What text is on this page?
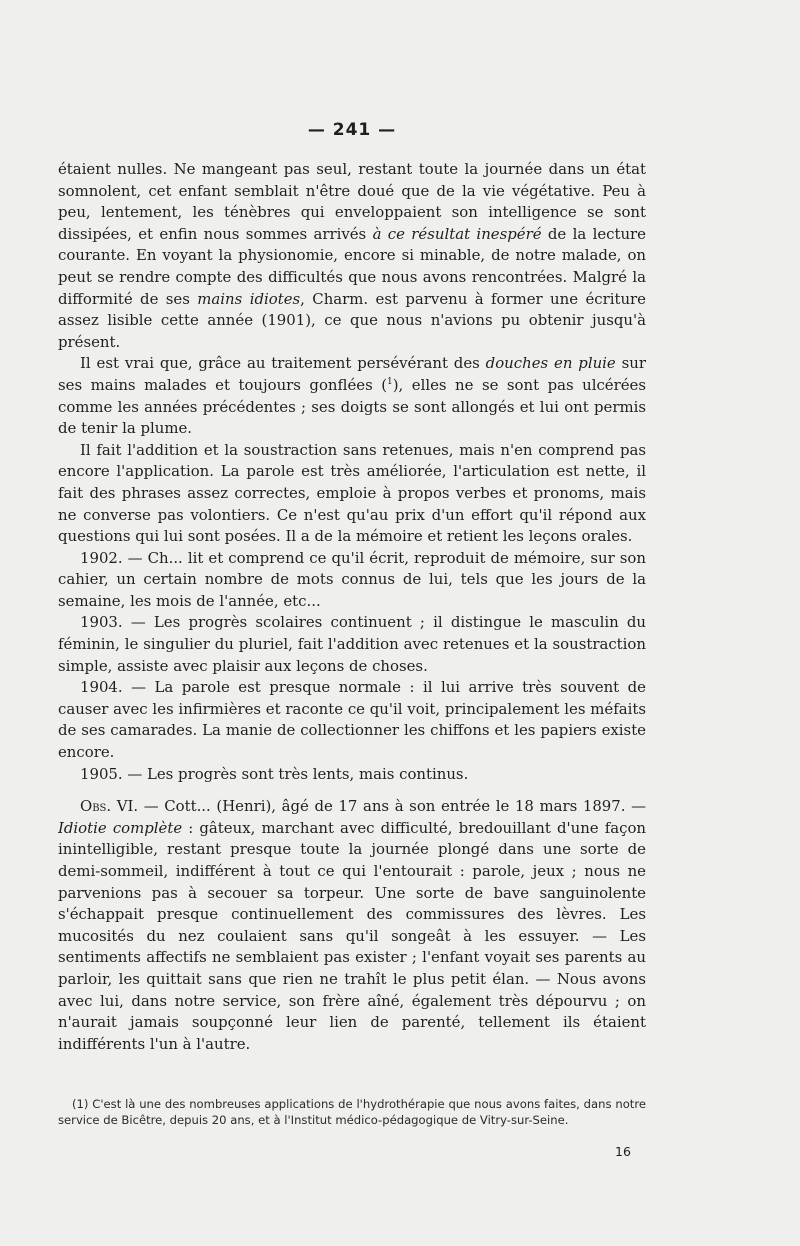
— 241 —

étaient nulles. Ne mangeant pas seul, restant toute la journée dans un état somnolent, cet enfant semblait n'être doué que de la vie végétative. Peu à peu, lentement, les ténèbres qui enveloppaient son intelligence se sont dissipées, et enfin nous sommes arrivés à ce résultat inespéré de la lecture courante. En voyant la physionomie, encore si minable, de notre malade, on peut se rendre compte des difficultés que nous avons rencontrées. Malgré la difformité de ses mains idiotes, Charm. est parvenu à former une écriture assez lisible cette année (1901), ce que nous n'avions pu obtenir jusqu'à présent.

Il est vrai que, grâce au traitement persévérant des douches en pluie sur ses mains malades et toujours gonflées ($^1$), elles ne se sont pas ulcérées comme les années précédentes ; ses doigts se sont allongés et lui ont permis de tenir la plume.

Il fait l'addition et la soustraction sans retenues, mais n'en comprend pas encore l'application. La parole est très améliorée, l'articulation est nette, il fait des phrases assez correctes, emploie à propos verbes et pronoms, mais ne converse pas volontiers. Ce n'est qu'au prix d'un effort qu'il répond aux questions qui lui sont posées. Il a de la mémoire et retient les leçons orales.

1902. — Ch... lit et comprend ce qu'il écrit, reproduit de mémoire, sur son cahier, un certain nombre de mots connus de lui, tels que les jours de la semaine, les mois de l'année, etc...

1903. — Les progrès scolaires continuent ; il distingue le masculin du féminin, le singulier du pluriel, fait l'addition avec retenues et la soustraction simple, assiste avec plaisir aux leçons de choses.

1904. — La parole est presque normale : il lui arrive très souvent de causer avec les infirmières et raconte ce qu'il voit, principalement les méfaits de ses camarades. La manie de collectionner les chiffons et les papiers existe encore.

1905. — Les progrès sont très lents, mais continus.

Obs. VI. — Cott... (Henri), âgé de 17 ans à son entrée le 18 mars 1897. — Idiotie complète : gâteux, marchant avec difficulté, bredouillant d'une façon inintelligible, restant presque toute la journée plongé dans une sorte de demi-sommeil, indifférent à tout ce qui l'entourait : parole, jeux ; nous ne parvenions pas à secouer sa torpeur. Une sorte de bave sanguinolente s'échappait presque continuellement des commissures des lèvres. Les mucosités du nez coulaient sans qu'il songeât à les essuyer. — Les sentiments affectifs ne semblaient pas exister ; l'enfant voyait ses parents au parloir, les quittait sans que rien ne trahît le plus petit élan. — Nous avons avec lui, dans notre service, son frère aîné, également très dépourvu ; on n'aurait jamais soupçonné leur lien de parenté, tellement ils étaient indifférents l'un à l'autre.

(1) C'est là une des nombreuses applications de l'hydrothérapie que nous avons faites, dans notre service de Bicêtre, depuis 20 ans, et à l'Institut médico-pédagogique de Vitry-sur-Seine.
16
